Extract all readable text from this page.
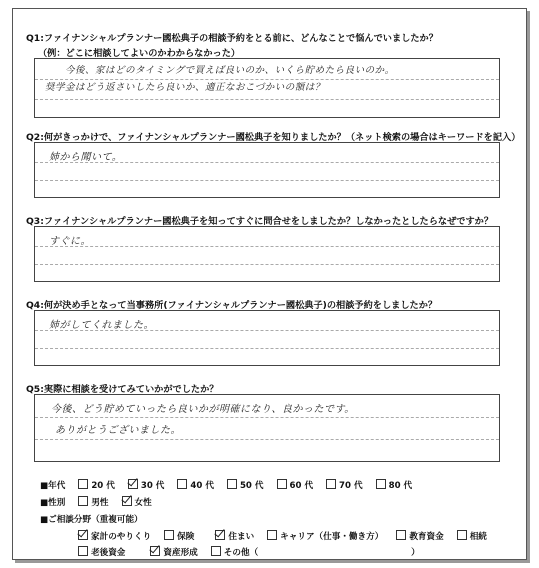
Q1:ファイナンシャルプランナー國松典子の相談予約をとる前に、どんなことで悩んでいましたか？
（例：どこに相談してよいのかわからなかった）
今後、家はどのタイミングで買えば良いのか、いくら貯めたら良いのか。
奨学金はどう返さいしたら良いか、適正なおこづかいの額は？
Q2:何がきっかけで、ファイナンシャルプランナー國松典子を知りましたか？（ネット検索の場合はキーワードを記入）
姉から聞いて。
Q3:ファイナンシャルプランナー國松典子を知ってすぐに問合せをしましたか？しなかったとしたらなぜですか？
すぐに。
Q4:何が決め手となって当事務所(ファイナンシャルプランナー國松典子)の相談予約をしましたか？
姉がしてくれました。
Q5:実際に相談を受けてみていかがでしたか？
今後、どう貯めていったら良いかが明確になり、良かったです。
ありがとうございました。
■年代	20 代	30 代	40 代	50 代	60 代	70 代	80 代
■性別	男性	女性
■ご相談分野（重複可能）
家計のやりくり	保険	住まい	キャリア（仕事・働き方）	教育資金	相続
老後資金	資産形成	その他（	）
